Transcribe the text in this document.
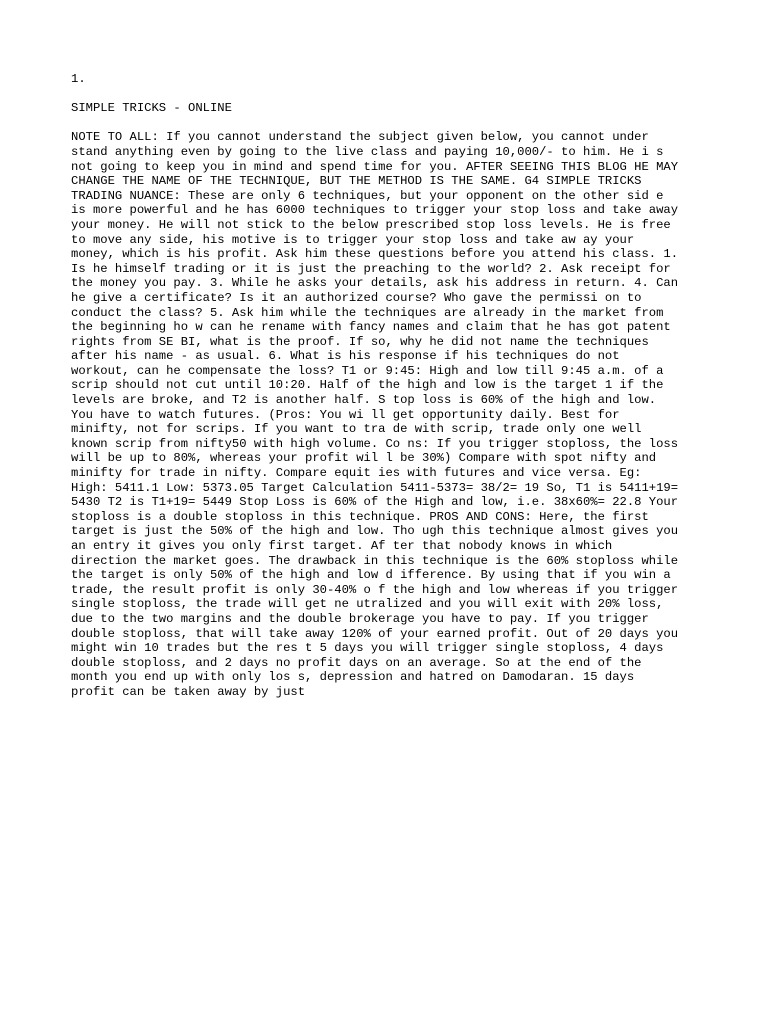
1.
SIMPLE TRICKS - ONLINE
NOTE TO ALL: If you cannot understand the subject given below, you cannot under
stand anything even by going to the live class and paying 10,000/- to him. He i s
not going to keep you in mind and spend time for you. AFTER SEEING THIS BLOG HE MAY
CHANGE THE NAME OF THE TECHNIQUE, BUT THE METHOD IS THE SAME. G4 SIMPLE TRICKS
TRADING NUANCE: These are only 6 techniques, but your opponent on the other sid e
is more powerful and he has 6000 techniques to trigger your stop loss and take away
your money. He will not stick to the below prescribed stop loss levels. He is free
to move any side, his motive is to trigger your stop loss and take aw ay your
money, which is his profit. Ask him these questions before you attend his class. 1.
Is he himself trading or it is just the preaching to the world? 2. Ask receipt for
the money you pay. 3. While he asks your details, ask his address in return. 4. Can
he give a certificate? Is it an authorized course? Who gave the permissi on to
conduct the class? 5. Ask him while the techniques are already in the market from
the beginning ho w can he rename with fancy names and claim that he has got patent
rights from SE BI, what is the proof. If so, why he did not name the techniques
after his name - as usual. 6. What is his response if his techniques do not
workout, can he compensate the loss? T1 or 9:45: High and low till 9:45 a.m. of a
scrip should not cut until 10:20. Half of the high and low is the target 1 if the
levels are broke, and T2 is another half. S top loss is 60% of the high and low.
You have to watch futures. (Pros: You wi ll get opportunity daily. Best for
minifty, not for scrips. If you want to tra de with scrip, trade only one well
known scrip from nifty50 with high volume. Co ns: If you trigger stoploss, the loss
will be up to 80%, whereas your profit wil l be 30%) Compare with spot nifty and
minifty for trade in nifty. Compare equit ies with futures and vice versa. Eg:
High: 5411.1 Low: 5373.05 Target Calculation 5411-5373= 38/2= 19 So, T1 is 5411+19=
5430 T2 is T1+19= 5449 Stop Loss is 60% of the High and low, i.e. 38x60%= 22.8 Your
stoploss is a double stoploss in this technique. PROS AND CONS: Here, the first
target is just the 50% of the high and low. Tho ugh this technique almost gives you
an entry it gives you only first target. Af ter that nobody knows in which
direction the market goes. The drawback in this technique is the 60% stoploss while
the target is only 50% of the high and low d ifference. By using that if you win a
trade, the result profit is only 30-40% o f the high and low whereas if you trigger
single stoploss, the trade will get ne utralized and you will exit with 20% loss,
due to the two margins and the double brokerage you have to pay. If you trigger
double stoploss, that will take away 120% of your earned profit. Out of 20 days you
might win 10 trades but the res t 5 days you will trigger single stoploss, 4 days
double stoploss, and 2 days no profit days on an average. So at the end of the
month you end up with only los s, depression and hatred on Damodaran. 15 days
profit can be taken away by just
